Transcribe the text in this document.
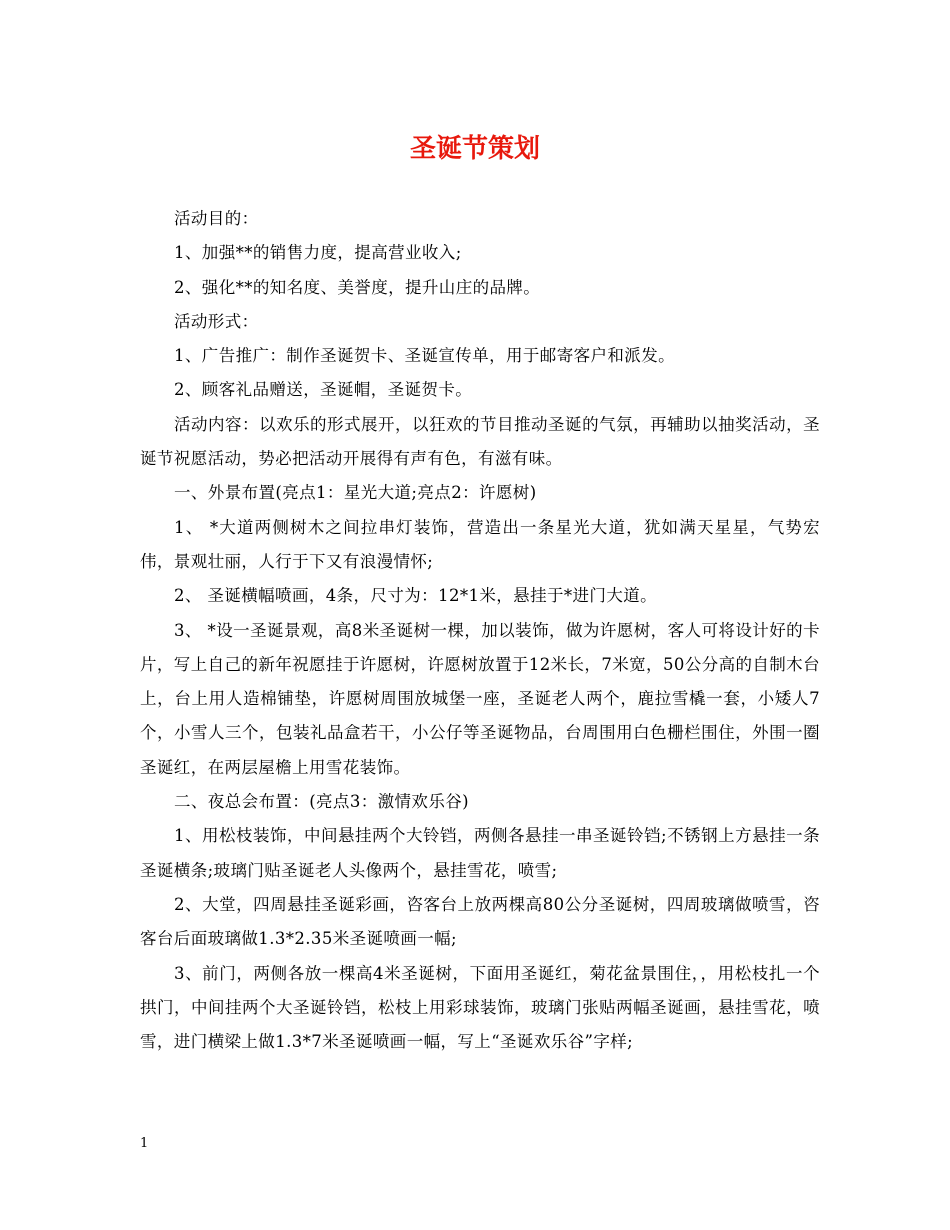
圣诞节策划

活动目的：

1、加强**的销售力度，提高营业收入;

2、强化**的知名度、美誉度，提升山庄的品牌。

活动形式：

1、广告推广：制作圣诞贺卡、圣诞宣传单，用于邮寄客户和派发。

2、顾客礼品赠送，圣诞帽，圣诞贺卡。

活动内容：以欢乐的形式展开，以狂欢的节目推动圣诞的气氛，再辅助以抽奖活动，圣诞节祝愿活动，势必把活动开展得有声有色，有滋有味。

一、外景布置(亮点1：星光大道;亮点2：许愿树)

1、 *大道两侧树木之间拉串灯装饰，营造出一条星光大道，犹如满天星星，气势宏伟，景观壮丽，人行于下又有浪漫情怀;

2、 圣诞横幅喷画，4条，尺寸为：12*1米，悬挂于*进门大道。

3、 *设一圣诞景观，高8米圣诞树一棵，加以装饰，做为许愿树，客人可将设计好的卡片，写上自己的新年祝愿挂于许愿树，许愿树放置于12米长，7米宽，50公分高的自制木台上，台上用人造棉铺垫，许愿树周围放城堡一座，圣诞老人两个，鹿拉雪橇一套，小矮人7个，小雪人三个，包装礼品盒若干，小公仔等圣诞物品，台周围用白色栅栏围住，外围一圈圣诞红，在两层屋檐上用雪花装饰。

二、夜总会布置：(亮点3：激情欢乐谷)

1、用松枝装饰，中间悬挂两个大铃铛，两侧各悬挂一串圣诞铃铛;不锈钢上方悬挂一条圣诞横条;玻璃门贴圣诞老人头像两个，悬挂雪花，喷雪;

2、大堂，四周悬挂圣诞彩画，咨客台上放两棵高80公分圣诞树，四周玻璃做喷雪，咨客台后面玻璃做1.3*2.35米圣诞喷画一幅;

3、前门，两侧各放一棵高4米圣诞树，下面用圣诞红，菊花盆景围住，，用松枝扎一个拱门，中间挂两个大圣诞铃铛，松枝上用彩球装饰，玻璃门张贴两幅圣诞画，悬挂雪花，喷雪，进门横梁上做1.3*7米圣诞喷画一幅，写上“圣诞欢乐谷”字样;

1
